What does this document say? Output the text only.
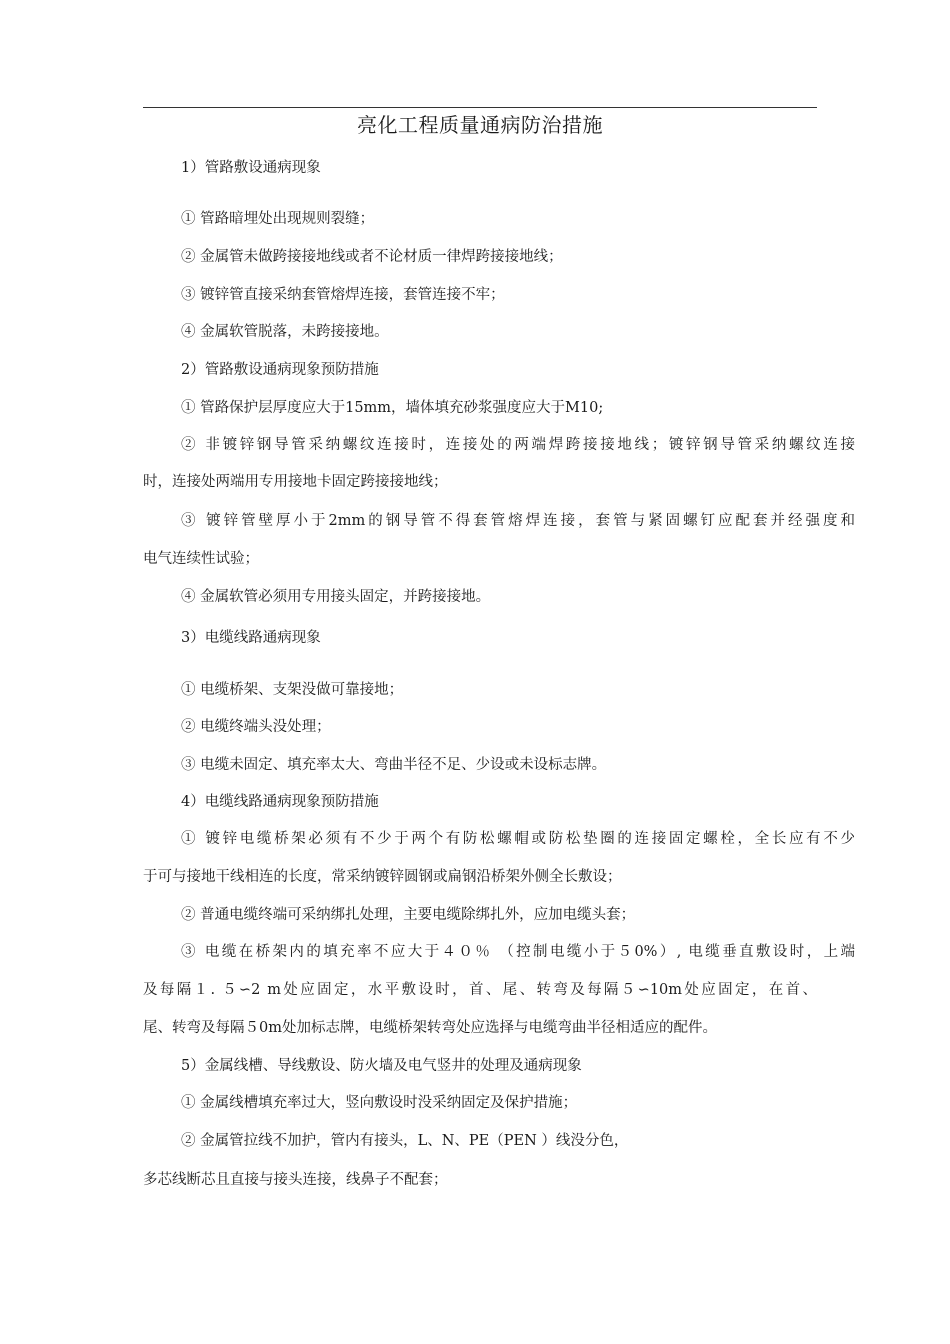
亮化工程质量通病防治措施
1）管路敷设通病现象
① 管路暗埋处出现规则裂缝；
② 金属管未做跨接接地线或者不论材质一律焊跨接接地线；
③ 镀锌管直接采纳套管熔焊连接，套管连接不牢；
④ 金属软管脱落，未跨接接地。
2）管路敷设通病现象预防措施
① 管路保护层厚度应大于15mm，墙体填充砂浆强度应大于M10;
② 非镀锌钢导管采纳螺纹连接时，连接处的两端焊跨接接地线；镀锌钢导管采纳螺纹连接
时，连接处两端用专用接地卡固定跨接接地线；
③ 镀锌管壁厚小于2mm的钢导管不得套管熔焊连接，套管与紧固螺钉应配套并经强度和
电气连续性试验；
④ 金属软管必须用专用接头固定，并跨接接地。
3）电缆线路通病现象
① 电缆桥架、支架没做可靠接地；
② 电缆终端头没处理；
③ 电缆未固定、填充率太大、弯曲半径不足、少设或未设标志牌。
4）电缆线路通病现象预防措施
① 镀锌电缆桥架必须有不少于两个有防松螺帽或防松垫圈的连接固定螺栓，全长应有不少
于可与接地干线相连的长度，常采纳镀锌圆钢或扁钢沿桥架外侧全长敷设；
② 普通电缆终端可采纳绑扎处理，主要电缆除绑扎外，应加电缆头套；
③ 电缆在桥架内的填充率不应大于４０％ （控制电缆小于５0%）, 电缆垂直敷设时，上端
及每隔１. ５∽2 m处应固定，水平敷设时，首、尾、转弯及每隔５∽10m处应固定，在首、
尾、转弯及每隔５0m处加标志牌，电缆桥架转弯处应选择与电缆弯曲半径相适应的配件。
5）金属线槽、导线敷设、防火墙及电气竖井的处理及通病现象
① 金属线槽填充率过大，竖向敷设时没采纳固定及保护措施；
② 金属管拉线不加护，管内有接头，L、N、PE（PEN ）线没分色，
多芯线断芯且直接与接头连接，线鼻子不配套；
